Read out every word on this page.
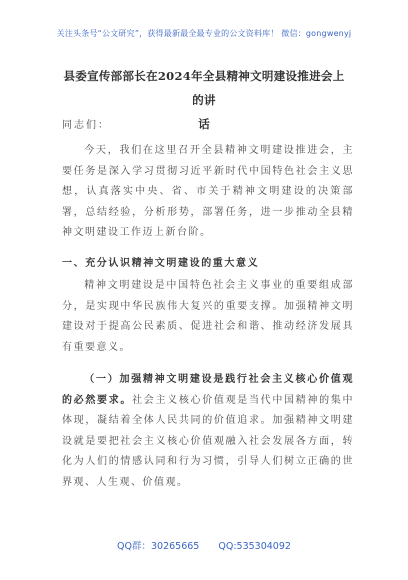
关注头条号“公文研究”，获得最新最全最专业的公文资料库！ 微信：gongwenyj
县委宣传部部长在2024年全县精神文明建设推进会上的讲
话
同志们：
今天，我们在这里召开全县精神文明建设推进会，主要任务是深入学习贯彻习近平新时代中国特色社会主义思想，认真落实中央、省、市关于精神文明建设的决策部署，总结经验，分析形势，部署任务，进一步推动全县精神文明建设工作迈上新台阶。
一、充分认识精神文明建设的重大意义
精神文明建设是中国特色社会主义事业的重要组成部分，是实现中华民族伟大复兴的重要支撑。加强精神文明建设对于提高公民素质、促进社会和谐、推动经济发展具有重要意义。
（一）加强精神文明建设是践行社会主义核心价值观的必然要求。社会主义核心价值观是当代中国精神的集中体现，凝结着全体人民共同的价值追求。加强精神文明建设就是要把社会主义核心价值观融入社会发展各方面，转化为人们的情感认同和行为习惯，引导人们树立正确的世界观、人生观、价值观。
QQ群：30265665 QQ:535304092
